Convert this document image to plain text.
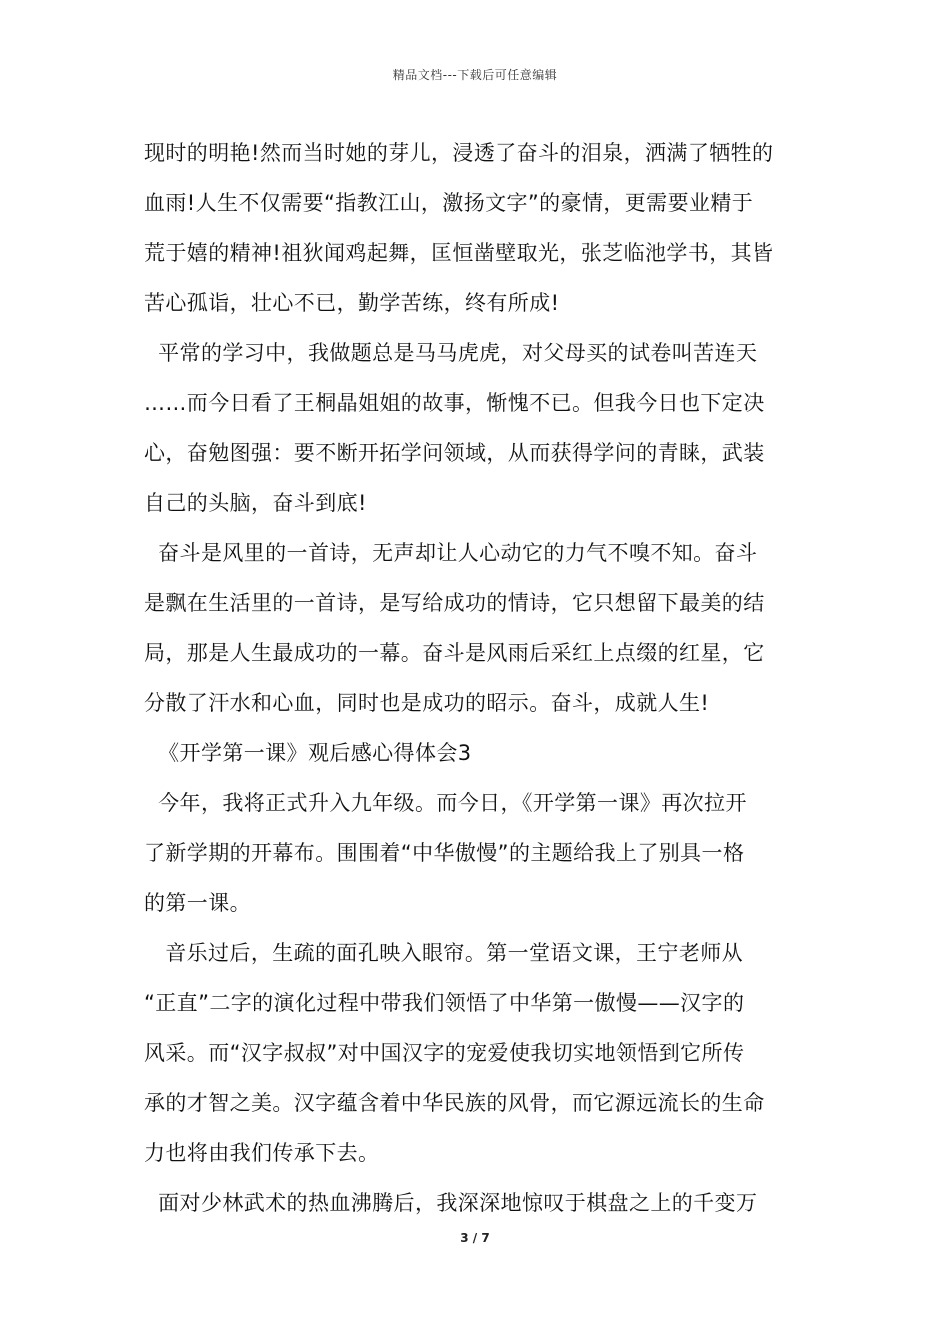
精品文档---下载后可任意编辑
现时的明艳!然而当时她的芽儿，浸透了奋斗的泪泉，洒满了牺牲的
血雨!人生不仅需要“指教江山，激扬文字”的豪情，更需要业精于
荒于嬉的精神!祖狄闻鸡起舞，匡恒凿壁取光，张芝临池学书，其皆
苦心孤诣，壮心不已，勤学苦练，终有所成!
平常的学习中，我做题总是马马虎虎，对父母买的试卷叫苦连天
……而今日看了王桐晶姐姐的故事，惭愧不已。但我今日也下定决
心，奋勉图强：要不断开拓学问领域，从而获得学问的青睐，武装
自己的头脑，奋斗到底!
奋斗是风里的一首诗，无声却让人心动它的力气不嗅不知。奋斗
是飘在生活里的一首诗，是写给成功的情诗，它只想留下最美的结
局，那是人生最成功的一幕。奋斗是风雨后采红上点缀的红星，它
分散了汗水和心血，同时也是成功的昭示。奋斗，成就人生!
《开学第一课》观后感心得体会3
今年，我将正式升入九年级。而今日，《开学第一课》再次拉开
了新学期的开幕布。围围着“中华傲慢”的主题给我上了别具一格
的第一课。
音乐过后，生疏的面孔映入眼帘。第一堂语文课，王宁老师从
“正直”二字的演化过程中带我们领悟了中华第一傲慢——汉字的
风采。而“汉字叔叔”对中国汉字的宠爱使我切实地领悟到它所传
承的才智之美。汉字蕴含着中华民族的风骨，而它源远流长的生命
力也将由我们传承下去。
面对少林武术的热血沸腾后，我深深地惊叹于棋盘之上的千变万
3 / 7
